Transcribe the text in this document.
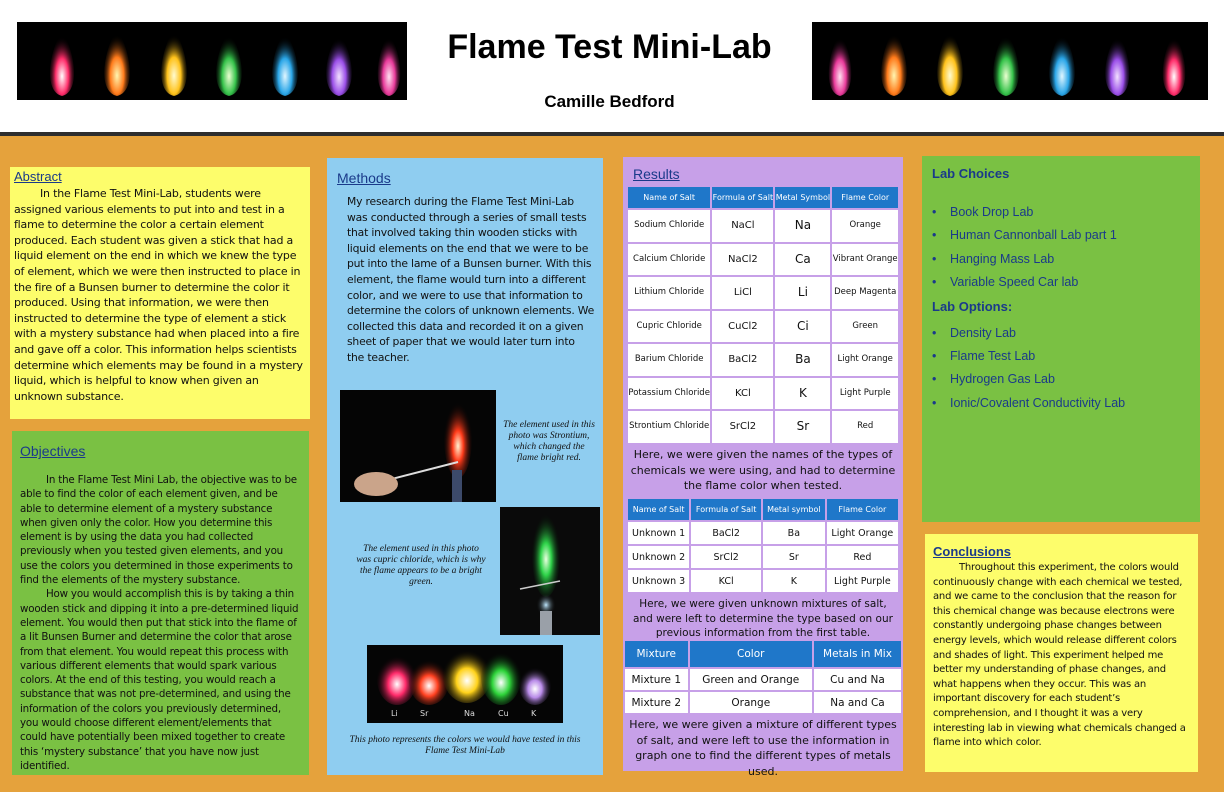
Flame Test Mini-Lab
Camille Bedford
Abstract

In the Flame Test Mini-Lab, students were assigned various elements to put into and test in a flame to determine the color a certain element produced. Each student was given a stick that had a liquid element on the end in which we knew the type of element, which we were then instructed to place in the fire of a Bunsen burner to determine the color it produced. Using that information, we were then instructed to determine the type of element a stick with a mystery substance had when placed into a fire and gave off a color. This information helps scientists determine which elements may be found in a mystery liquid, which is helpful to know when given an unknown substance.

Objectives

In the Flame Test Mini Lab, the objective was to be able to find the color of each element given, and be able to determine element of a mystery substance when given only the color. How you determine this element is by using the data you had collected previously when you tested given elements, and you use the colors you determined in those experiments to find the elements of the mystery substance.

How you would accomplish this is by taking a thin wooden stick and dipping it into a pre-determined liquid element. You would then put that stick into the flame of a lit Bunsen Burner and determine the color that arose from that element. You would repeat this process with various different elements that would spark various colors. At the end of this testing, you would reach a substance that was not pre-determined, and using the information of the colors you previously determined, you would choose different element/elements that could have potentially been mixed together to create this ‘mystery substance’ that you have now just identified.

Methods

My research during the Flame Test Mini-Lab was conducted through a series of small tests that involved taking thin wooden sticks with liquid elements on the end that we were to be put into the lame of a Bunsen burner. With this element, the flame would turn into a different color, and we were to use that information to determine the colors of unknown elements. We collected this data and recorded it on a given sheet of paper that we would later turn into the teacher.

The element used in this photo was Strontium, which changed the flame bright red.
The element used in this photo was cupric chloride, which is why the flame appears to be a bright green.
Li	Sr	Na	Cu	K
This photo represents the colors we would have tested in this Flame Test Mini-Lab
Results
Name of Salt	Formula of Salt	Metal Symbol	Flame Color
Sodium Chloride	NaCl	Na	Orange
Calcium Chloride	NaCl2	Ca	Vibrant Orange
Lithium Chloride	LiCl	Li	Deep Magenta
Cupric Chloride	CuCl2	Ci	Green
Barium Chloride	BaCl2	Ba	Light Orange
Potassium Chloride	KCl	K	Light Purple
Strontium Chloride	SrCl2	Sr	Red
Here, we were given the names of the types of chemicals we were using, and had to determine the flame color when tested.
Name of Salt	Formula of Salt	Metal symbol	Flame Color
Unknown 1	BaCl2	Ba	Light Orange
Unknown 2	SrCl2	Sr	Red
Unknown 3	KCl	K	Light Purple
Here, we were given unknown mixtures of salt, and were left to determine the type based on our previous information from the first table.
Mixture	Color	Metals in Mix
Mixture 1	Green and Orange	Cu and Na
Mixture 2	Orange	Na and Ca
Here, we were given a mixture of different types of salt, and were left to use the information in graph one to find the different types of metals used.
Lab Choices
• Book Drop Lab
• Human Cannonball Lab part 1
• Hanging Mass Lab
• Variable Speed Car lab
Lab Options:
• Density Lab
• Flame Test Lab
• Hydrogen Gas Lab
• Ionic/Covalent Conductivity Lab
Conclusions

Throughout this experiment, the colors would continuously change with each chemical we tested, and we came to the conclusion that the reason for this chemical change was because electrons were constantly undergoing phase changes between energy levels, which would release different colors and shades of light. This experiment helped me better my understanding of phase changes, and what happens when they occur. This was an important discovery for each student’s comprehension, and I thought it was a very interesting lab in viewing what chemicals changed a flame into which color.
